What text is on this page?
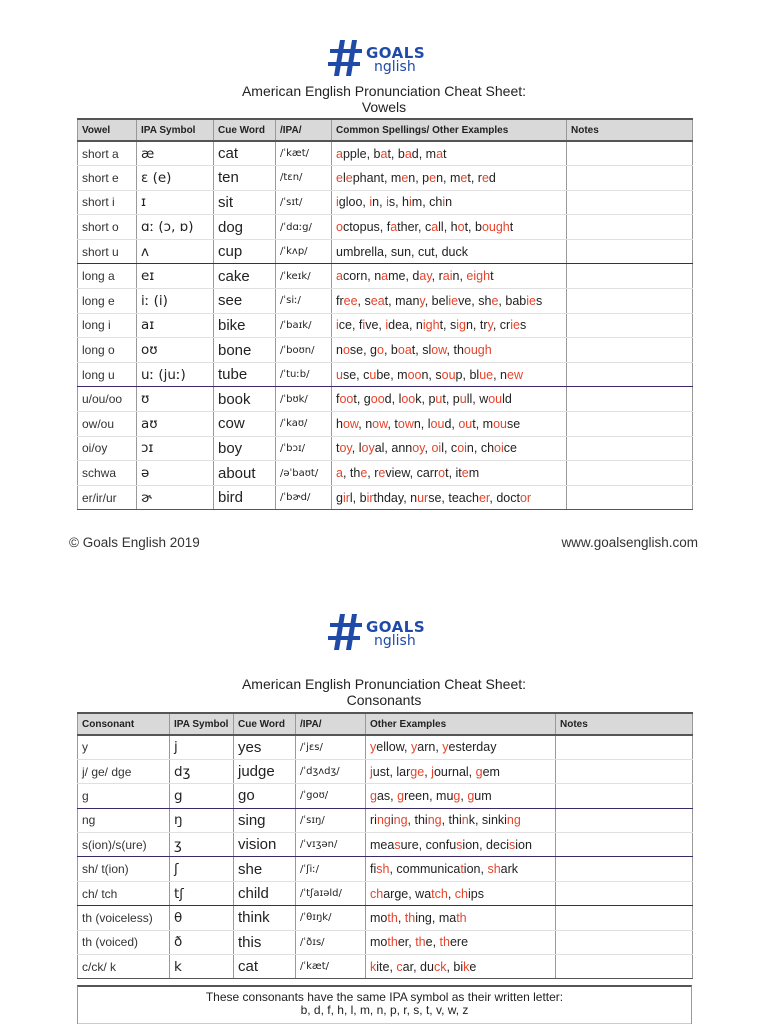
GOALS
nglish
American English Pronunciation Cheat Sheet:
Vowels
Vowel	IPA Symbol	Cue Word	/IPA/	Common Spellings/ Other Examples	Notes
short a	æ	cat	/ˈkæt/	apple, bat, bad, mat	
short e	ɛ (e)	ten	/tɛn/	elephant, men, pen, met, red	
short i	ɪ	sit	/ˈsɪt/	igloo, in, is, him, chin	
short o	ɑː (ɔ, ɒ)	dog	/ˈdɑːg/	octopus, father, call, hot, bought	
short u	ʌ	cup	/ˈkʌp/	umbrella, sun, cut, duck	
long a	eɪ	cake	/ˈkeɪk/	acorn, name, day, rain, eight	
long e	iː (i)	see	/ˈsiː/	free, seat, many, believe, she, babies	
long i	aɪ	bike	/ˈbaɪk/	ice, five, idea, night, sign, try, cries	
long o	oʊ	bone	/ˈboʊn/	nose, go, boat, slow, though	
long u	uː (juː)	tube	/ˈtuːb/	use, cube, moon, soup, blue, new	
u/ou/oo	ʊ	book	/ˈbʊk/	foot, good, look, put, pull, would	
ow/ou	aʊ	cow	/ˈkaʊ/	how, now, town, loud, out, mouse	
oi/oy	ɔɪ	boy	/ˈbɔɪ/	toy, loyal, annoy, oil, coin, choice	
schwa	ə	about	/əˈbaʊt/	a, the, review, carrot, item	
er/ir/ur	ɚ	bird	/ˈbɚd/	girl, birthday, nurse, teacher, doctor	
© Goals English 2019	www.goalsenglish.com
GOALS
nglish
American English Pronunciation Cheat Sheet:
Consonants
Consonant	IPA Symbol	Cue Word	/IPA/	Other Examples	Notes
y	j	yes	/ˈjɛs/	yellow, yarn, yesterday	
j/ ge/ dge	dʒ	judge	/ˈdʒʌdʒ/	just, large, journal, gem	
g	g	go	/ˈgoʊ/	gas, green, mug, gum	
ng	ŋ	sing	/ˈsɪŋ/	ringing, thing, think, sinking	
s(ion)/s(ure)	ʒ	vision	/ˈvɪʒən/	measure, confusion, decision	
sh/ t(ion)	ʃ	she	/ˈʃiː/	fish, communication, shark	
ch/ tch	tʃ	child	/ˈtʃaɪəld/	charge, watch, chips	
th (voiceless)	θ	think	/ˈθɪŋk/	moth, thing, math	
th (voiced)	ð	this	/ˈðɪs/	mother, the, there	
c/ck/ k	k	cat	/ˈkæt/	kite, car, duck, bike	
These consonants have the same IPA symbol as their written letter:
b, d, f, h, l, m, n, p, r, s, t, v, w, z
